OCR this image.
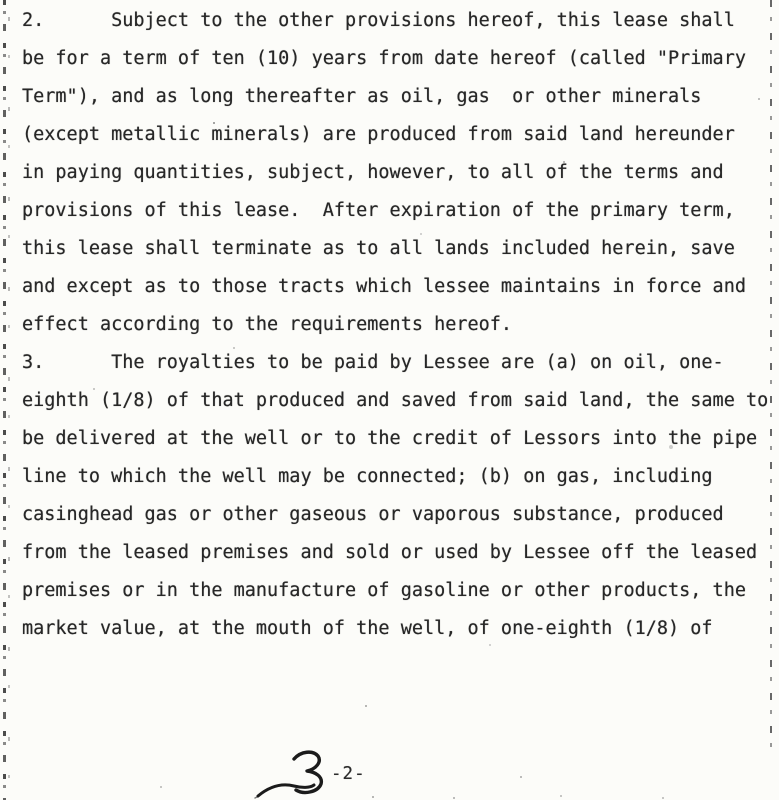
2.      Subject to the other provisions hereof, this lease shall
be for a term of ten (10) years from date hereof (called "Primary
Term"), and as long thereafter as oil, gas  or other minerals
(except metallic minerals) are produced from said land hereunder
in paying quantities, subject, however, to all of the terms and
provisions of this lease.  After expiration of the primary term,
this lease shall terminate as to all lands included herein, save
and except as to those tracts which lessee maintains in force and
effect according to the requirements hereof.
3.      The royalties to be paid by Lessee are (a) on oil, one-
eighth (1/8) of that produced and saved from said land, the same to
be delivered at the well or to the credit of Lessors into the pipe
line to which the well may be connected; (b) on gas, including
casinghead gas or other gaseous or vaporous substance, produced
from the leased premises and sold or used by Lessee off the leased
premises or in the manufacture of gasoline or other products, the
market value, at the mouth of the well, of one-eighth (1/8) of
-2-
